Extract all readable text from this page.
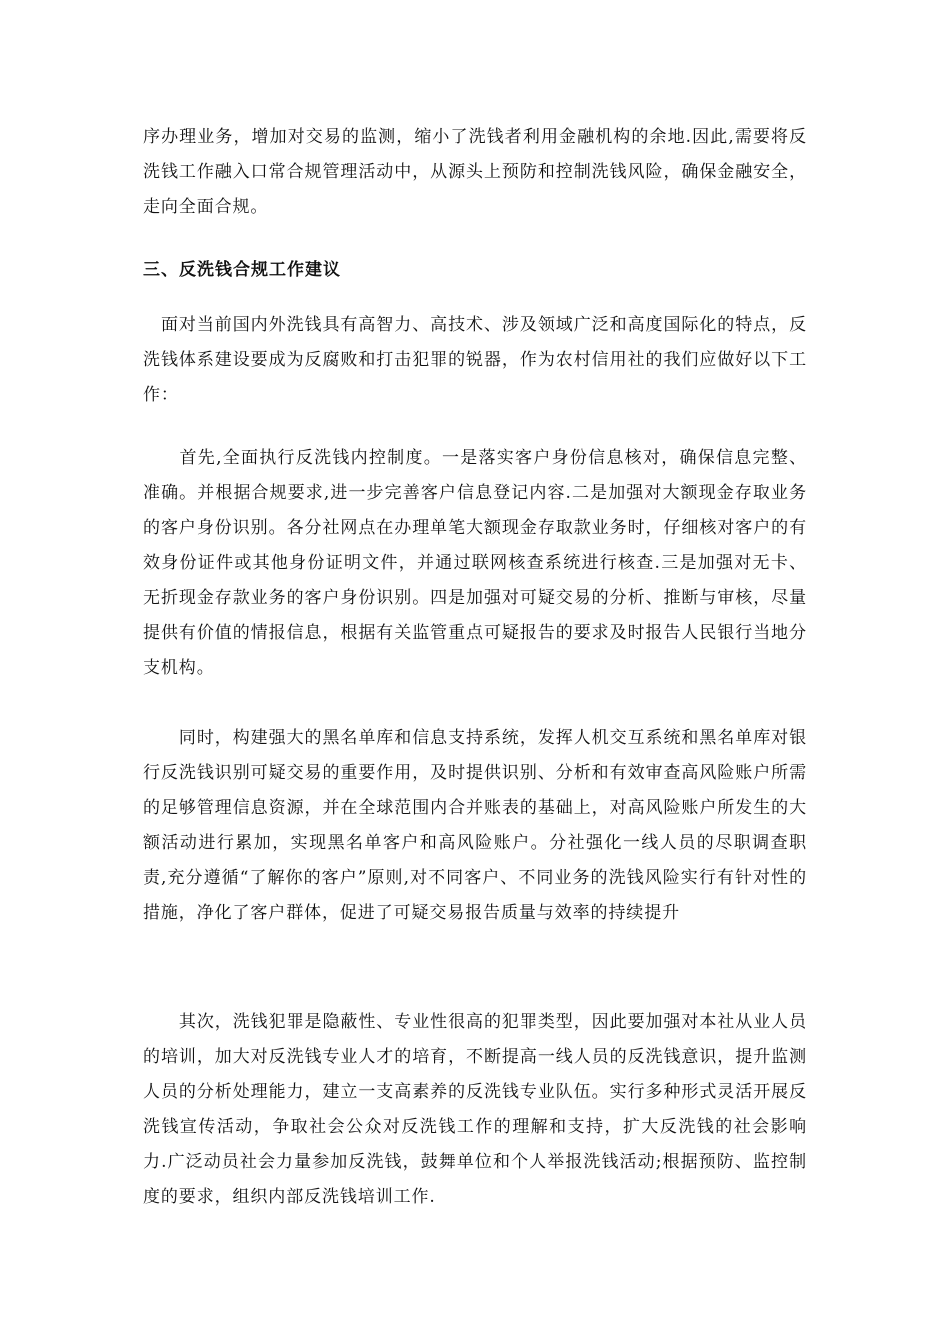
序办理业务，增加对交易的监测，缩小了洗钱者利用金融机构的余地.因此,需要将反洗钱工作融入口常合规管理活动中，从源头上预防和控制洗钱风险，确保金融安全，走向全面合规。

三、反洗钱合规工作建议

　面对当前国内外洗钱具有高智力、高技术、涉及领域广泛和高度国际化的特点，反洗钱体系建设要成为反腐败和打击犯罪的锐器，作为农村信用社的我们应做好以下工作：

　　首先,全面执行反洗钱内控制度。一是落实客户身份信息核对，确保信息完整、准确。并根据合规要求,进一步完善客户信息登记内容.二是加强对大额现金存取业务的客户身份识别。各分社网点在办理单笔大额现金存取款业务时，仔细核对客户的有效身份证件或其他身份证明文件，并通过联网核查系统进行核查.三是加强对无卡、无折现金存款业务的客户身份识别。四是加强对可疑交易的分析、推断与审核，尽量提供有价值的情报信息，根据有关监管重点可疑报告的要求及时报告人民银行当地分支机构。

　　同时，构建强大的黑名单库和信息支持系统，发挥人机交互系统和黑名单库对银行反洗钱识别可疑交易的重要作用，及时提供识别、分析和有效审查高风险账户所需的足够管理信息资源，并在全球范围内合并账表的基础上，对高风险账户所发生的大额活动进行累加，实现黑名单客户和高风险账户。分社强化一线人员的尽职调查职责,充分遵循“了解你的客户”原则,对不同客户、不同业务的洗钱风险实行有针对性的措施，净化了客户群体，促进了可疑交易报告质量与效率的持续提升

　　其次，洗钱犯罪是隐蔽性、专业性很高的犯罪类型，因此要加强对本社从业人员的培训，加大对反洗钱专业人才的培育，不断提高一线人员的反洗钱意识，提升监测人员的分析处理能力，建立一支高素养的反洗钱专业队伍。实行多种形式灵活开展反洗钱宣传活动，争取社会公众对反洗钱工作的理解和支持，扩大反洗钱的社会影响力.广泛动员社会力量参加反洗钱，鼓舞单位和个人举报洗钱活动;根据预防、监控制度的要求，组织内部反洗钱培训工作.
